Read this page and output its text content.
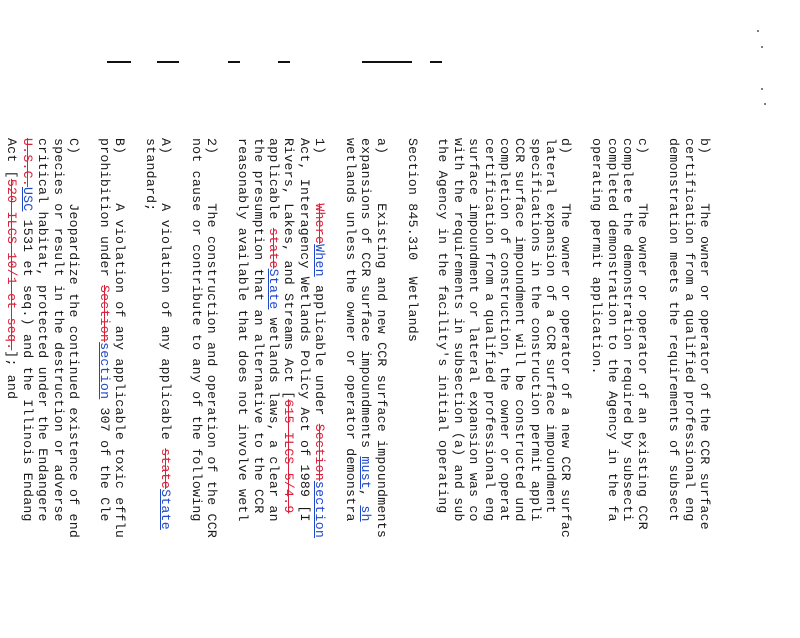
b)      The owner or operator of the CCR surface
certification from a qualified professional eng
demonstration meets the requirements of subsect
c)      The owner or operator of an existing CCR
complete the demonstration required by subsecti
completed demonstration to the Agency in the fa
operating permit application.
d)      The owner or operator of a new CCR surfac
lateral expansion of a CCR surface impoundment
specifications in the construction permit appli
CCR surface impoundment will be constructed und
completion of construction, the owner or operat
certification from a qualified professional eng
surface impoundment or lateral expansion was co
with the requirements in subsection (a) and sub
the Agency in the facility's initial operating
Section 845.310  Wetlands
a)      Existing and new CCR surface impoundments
expansions of CCR surface impoundments must, sh
wetlands unless the owner or operator demonstra
1)      WhereWhen applicable under Sectionsection
Act, Interagency Wetlands Policy Act of 1989 [I
Rivers, Lakes, and Streams Act [615 ILCS 5/4.9
applicable stateState wetlands laws, a clear an
the presumption that an alternative to the CCR
reasonably available that does not involve wetl
2)      The construction and operation of the CCR
not cause or contribute to any of the following
A)      A violation of any applicable stateState
standard;
B)      A violation of any applicable toxic efflu
prohibition under Sectionsection 307 of the Cle
C)      Jeopardize the continued existence of end
species or result in the destruction or adverse
critical habitat, protected under the Endangere
U.S.C.USC 1531 et seq.) and the Illinois Endang
Act [520 ILCS 10/1 et seq.]; and
